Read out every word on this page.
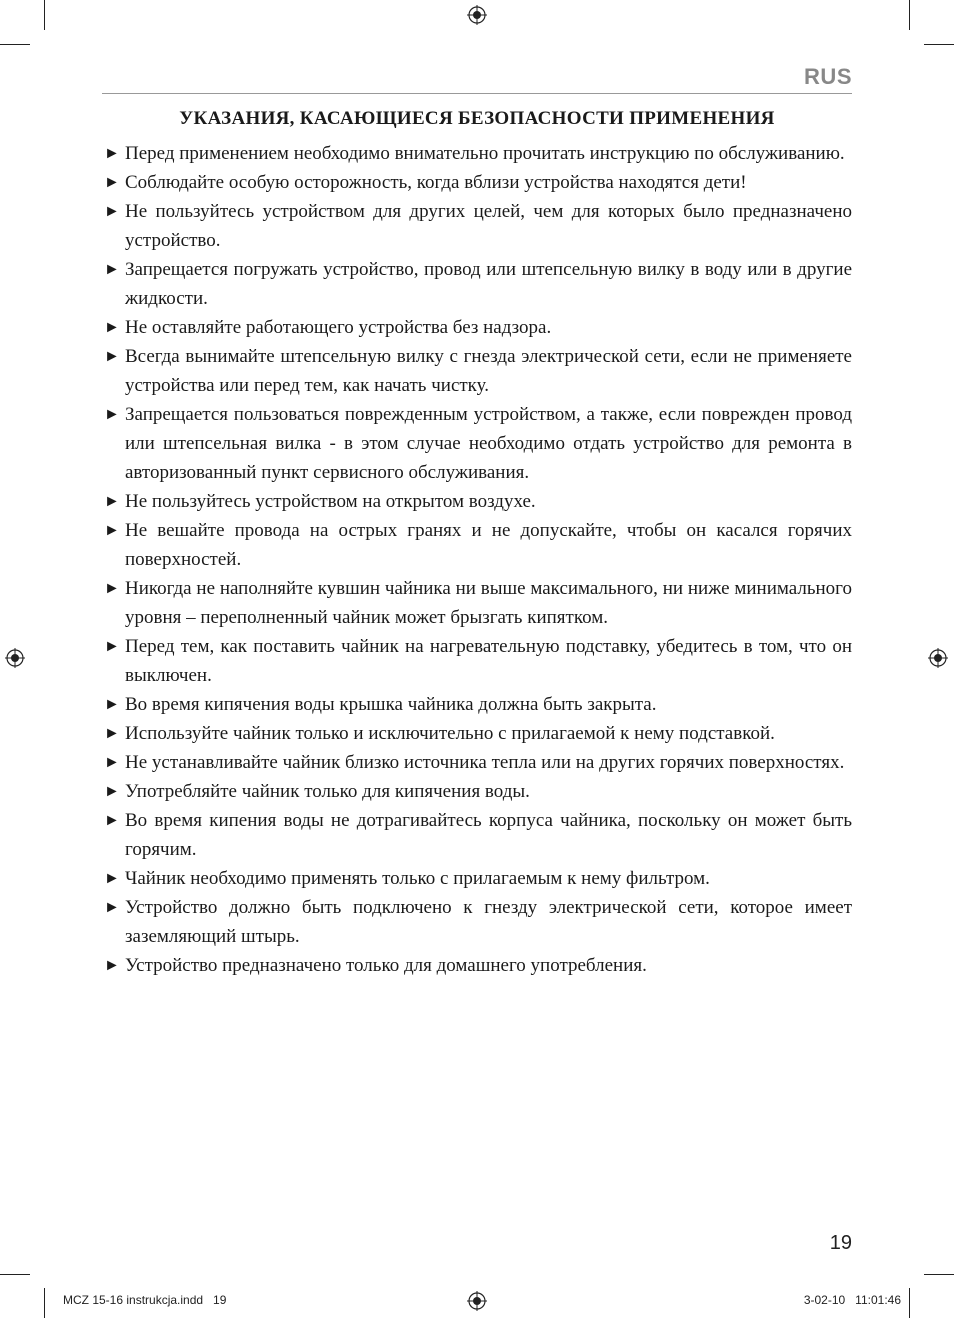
RUS
УКАЗАНИЯ, КАСАЮЩИЕСЯ БЕЗОПАСНОСТИ ПРИМЕНЕНИЯ
► Перед применением необходимо внимательно прочитать инструкцию по обслуживанию.
► Соблюдайте особую осторожность, когда вблизи устройства находятся дети!
► Не пользуйтесь устройством для других целей, чем для которых было предназначено устройство.
► Запрещается погружать устройство, провод или штепсельную вилку в воду или в другие жидкости.
► Не оставляйте работающего устройства без надзора.
► Всегда вынимайте штепсельную вилку с гнезда электрической сети, если не применяете устройства или перед тем, как начать чистку.
► Запрещается пользоваться поврежденным устройством, а также, если поврежден провод или штепсельная вилка - в этом случае необходимо отдать устройство для ремонта в авторизованный пункт сервисного обслуживания.
► Не пользуйтесь устройством на открытом воздухе.
► Не вешайте провода на острых гранях и не допускайте, чтобы он касался горячих поверхностей.
► Никогда не наполняйте кувшин чайника ни выше максимального, ни ниже минимального уровня – переполненный чайник может брызгать кипятком.
► Перед тем, как поставить чайник на нагревательную подставку, убедитесь в том, что он выключен.
► Во время кипячения воды крышка чайника должна быть закрыта.
► Используйте чайник только и исключительно с прилагаемой к нему подставкой.
► Не устанавливайте чайник близко источника тепла или на других горячих поверхностях.
► Употребляйте чайник только для кипячения воды.
► Во время кипения воды не дотрагивайтесь корпуса чайника, поскольку он может быть горячим.
► Чайник необходимо применять только с прилагаемым к нему фильтром.
► Устройство должно быть подключено к гнезду электрической сети, которое имеет заземляющий штырь.
► Устройство предназначено только для домашнего употребления.
19
MCZ 15-16 instrukcja.indd   19	3-02-10   11:01:46
